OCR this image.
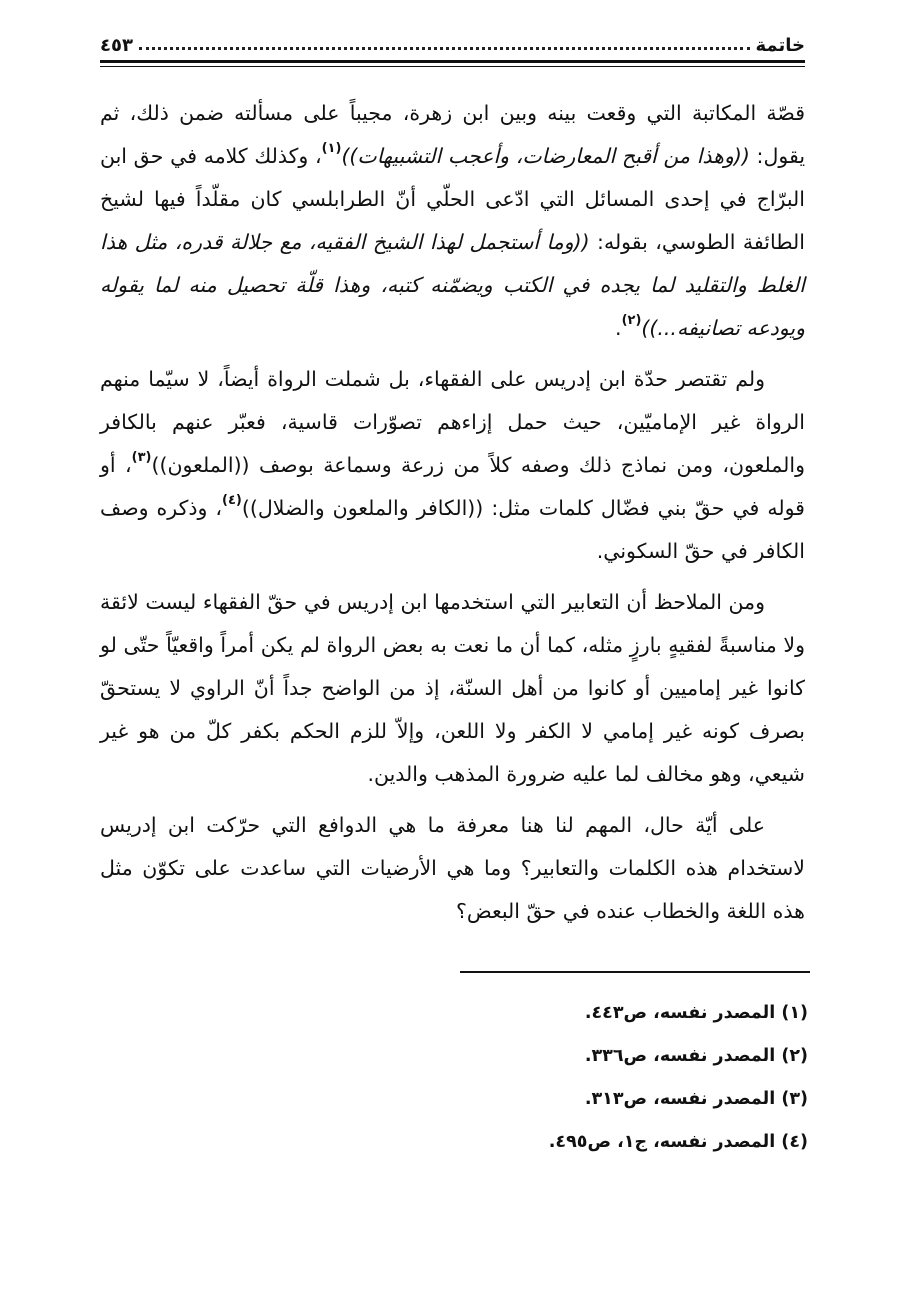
خاتمة
٤٥٣

قصّة المكاتبة التي وقعت بينه وبين ابن زهرة، مجيباً على مسألته ضمن ذلك، ثم يقول: ((وهذا من أقبح المعارضات، وأعجب التشبيهات))$^{(١)}$، وكذلك كلامه في حق ابن البرّاج في إحدى المسائل التي ادّعى الحلّي أنّ الطرابلسي كان مقلّداً فيها لشيخ الطائفة الطوسي، بقوله: ((وما أستجمل لهذا الشيخ الفقيه، مع جلالة قدره، مثل هذا الغلط والتقليد لما يجده في الكتب ويضمّنه كتبه، وهذا قلّة تحصيل منه لما يقوله ويودعه تصانيفه...))$^{(٢)}$.

ولم تقتصر حدّة ابن إدريس على الفقهاء، بل شملت الرواة أيضاً، لا سيّما منهم الرواة غير الإماميّين، حيث حمل إزاءهم تصوّرات قاسية، فعبّر عنهم بالكافر والملعون، ومن نماذج ذلك وصفه كلاً من زرعة وسماعة بوصف ((الملعون))$^{(٣)}$، أو قوله في حقّ بني فضّال كلمات مثل: ((الكافر والملعون والضلال))$^{(٤)}$، وذكره وصف الكافر في حقّ السكوني.

ومن الملاحظ أن التعابير التي استخدمها ابن إدريس في حقّ الفقهاء ليست لائقة ولا مناسبةً لفقيهٍ بارزٍ مثله، كما أن ما نعت به بعض الرواة لم يكن أمراً واقعيّاً حتّى لو كانوا غير إماميين أو كانوا من أهل السنّة، إذ من الواضح جداً أنّ الراوي لا يستحقّ بصرف كونه غير إمامي لا الكفر ولا اللعن، وإلاّ للزم الحكم بكفر كلّ من هو غير شيعي، وهو مخالف لما عليه ضرورة المذهب والدين.

على أيّة حال، المهم لنا هنا معرفة ما هي الدوافع التي حرّكت ابن إدريس لاستخدام هذه الكلمات والتعابير؟ وما هي الأرضيات التي ساعدت على تكوّن مثل هذه اللغة والخطاب عنده في حقّ البعض؟

(١) المصدر نفسه، ص٤٤٣.
(٢) المصدر نفسه، ص٣٣٦.
(٣) المصدر نفسه، ص٣١٣.
(٤) المصدر نفسه، ج١، ص٤٩٥.
